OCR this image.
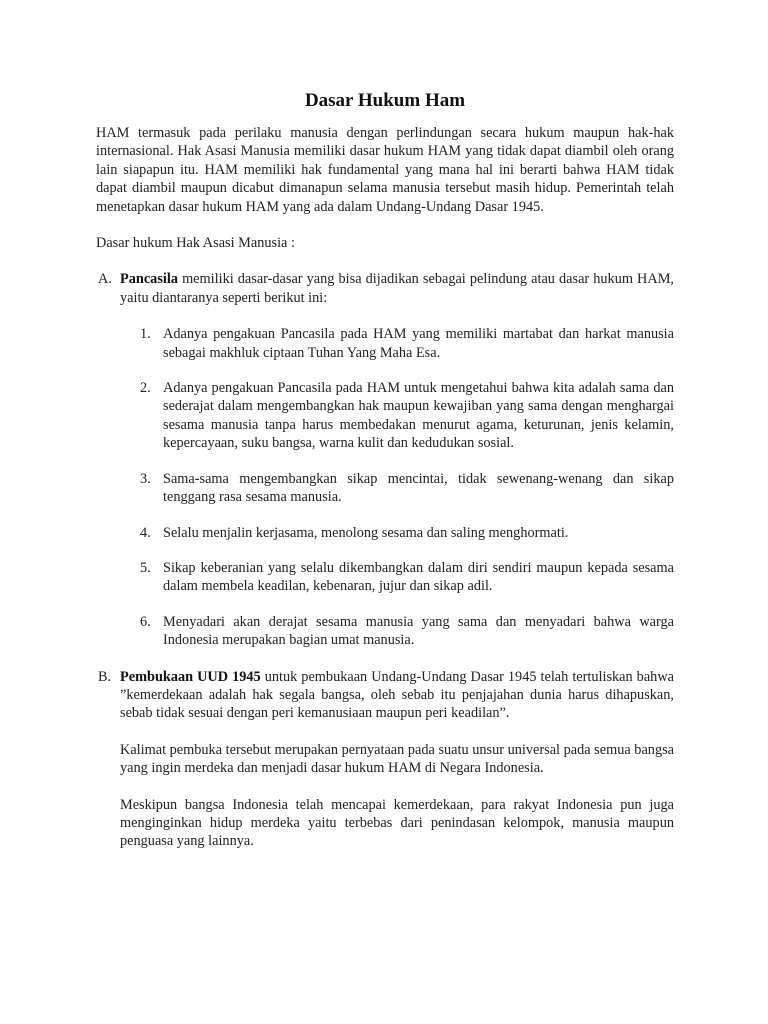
Dasar Hukum Ham

HAM termasuk pada perilaku manusia dengan perlindungan secara hukum maupun hak-hak internasional. Hak Asasi Manusia memiliki dasar hukum HAM yang tidak dapat diambil oleh orang lain siapapun itu. HAM memiliki hak fundamental yang mana hal ini berarti bahwa HAM tidak dapat diambil maupun dicabut dimanapun selama manusia tersebut masih hidup. Pemerintah telah menetapkan dasar hukum HAM yang ada dalam Undang-Undang Dasar 1945.

Dasar hukum Hak Asasi Manusia :

A. Pancasila memiliki dasar-dasar yang bisa dijadikan sebagai pelindung atau dasar hukum HAM, yaitu diantaranya seperti berikut ini:
1. Adanya pengakuan Pancasila pada HAM yang memiliki martabat dan harkat manusia sebagai makhluk ciptaan Tuhan Yang Maha Esa.
2. Adanya pengakuan Pancasila pada HAM untuk mengetahui bahwa kita adalah sama dan sederajat dalam mengembangkan hak maupun kewajiban yang sama dengan menghargai sesama manusia tanpa harus membedakan menurut agama, keturunan, jenis kelamin, kepercayaan, suku bangsa, warna kulit dan kedudukan sosial.
3. Sama-sama mengembangkan sikap mencintai, tidak sewenang-wenang dan sikap tenggang rasa sesama manusia.
4. Selalu menjalin kerjasama, menolong sesama dan saling menghormati.
5. Sikap keberanian yang selalu dikembangkan dalam diri sendiri maupun kepada sesama dalam membela keadilan, kebenaran, jujur dan sikap adil.
6. Menyadari akan derajat sesama manusia yang sama dan menyadari bahwa warga Indonesia merupakan bagian umat manusia.
B. Pembukaan UUD 1945 untuk pembukaan Undang-Undang Dasar 1945 telah tertuliskan bahwa ”kemerdekaan adalah hak segala bangsa, oleh sebab itu penjajahan dunia harus dihapuskan, sebab tidak sesuai dengan peri kemanusiaan maupun peri keadilan”.

Kalimat pembuka tersebut merupakan pernyataan pada suatu unsur universal pada semua bangsa yang ingin merdeka dan menjadi dasar hukum HAM di Negara Indonesia.

Meskipun bangsa Indonesia telah mencapai kemerdekaan, para rakyat Indonesia pun juga menginginkan hidup merdeka yaitu terbebas dari penindasan kelompok, manusia maupun penguasa yang lainnya.
